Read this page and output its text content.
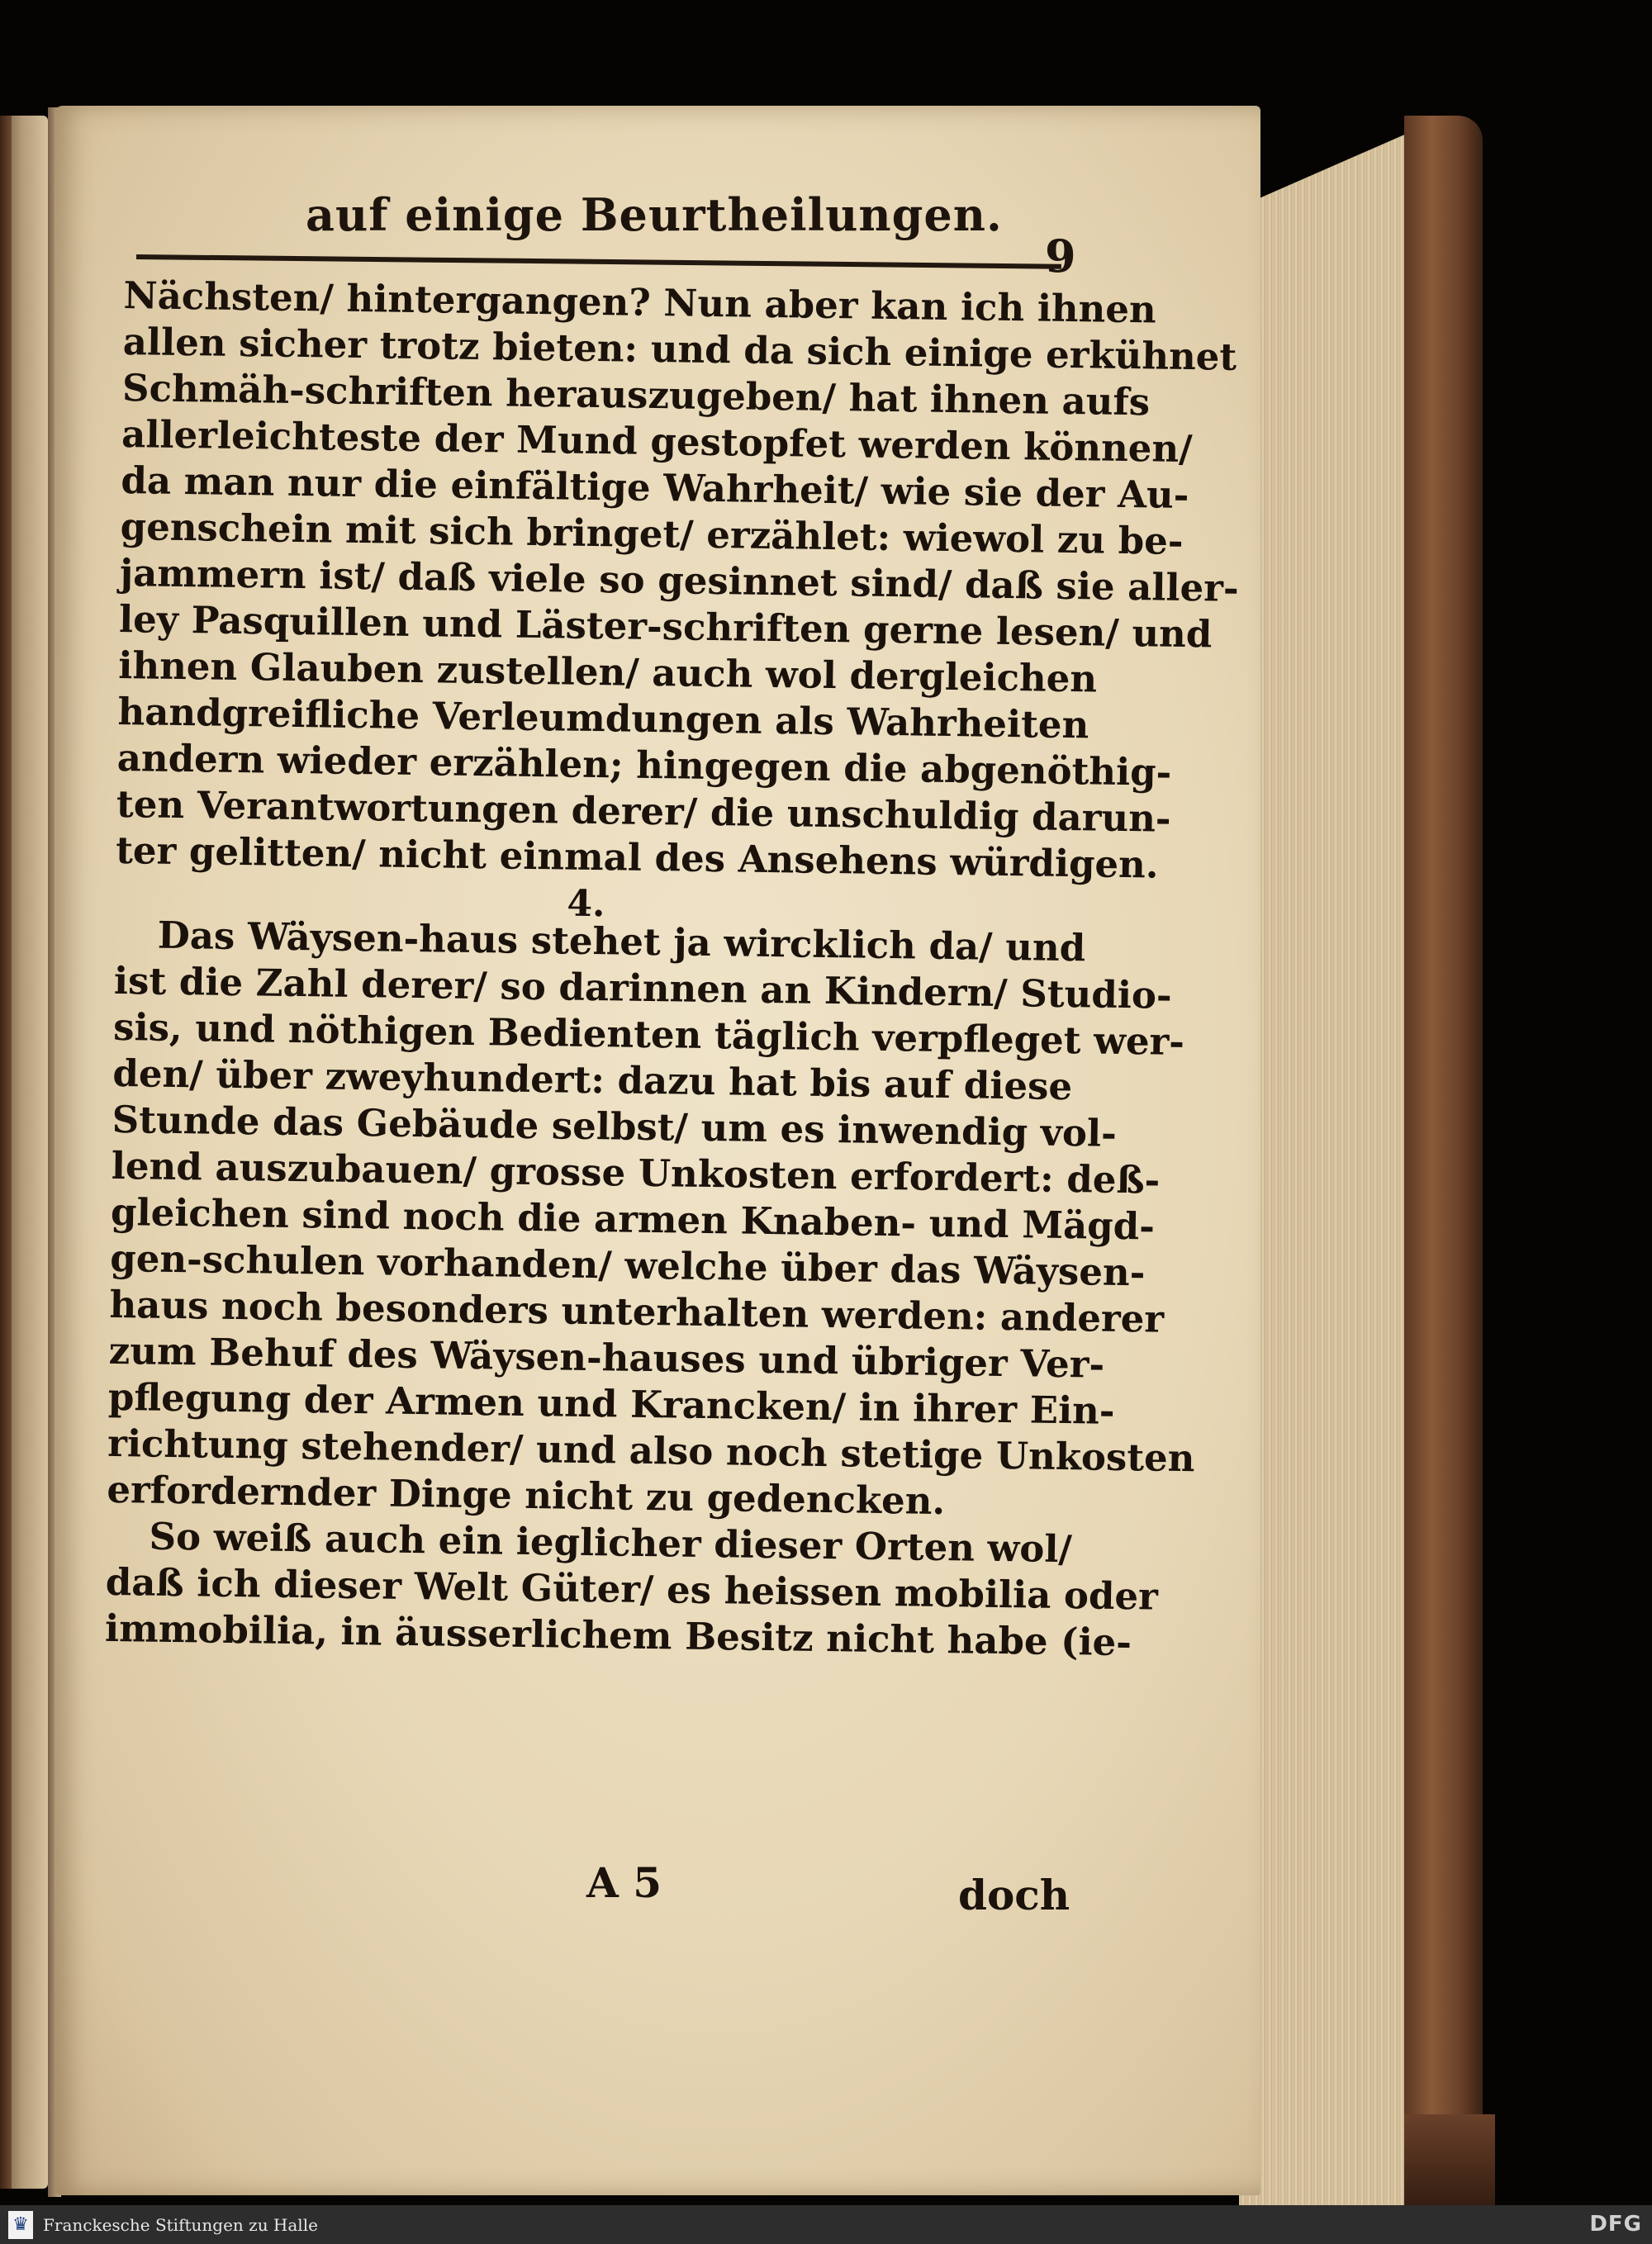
auf einige Beurtheilungen.
9
Nächsten/ hintergangen? Nun aber kan ich ihnen
allen sicher trotz bieten: und da sich einige erkühnet
Schmäh-schriften herauszugeben/ hat ihnen aufs
allerleichteste der Mund gestopfet werden können/
da man nur die einfältige Wahrheit/ wie sie der Au-
genschein mit sich bringet/ erzählet: wiewol zu be-
jammern ist/ daß viele so gesinnet sind/ daß sie aller-
ley Pasquillen und Läster-schriften gerne lesen/ und
ihnen Glauben zustellen/ auch wol dergleichen
handgreifliche Verleumdungen als Wahrheiten
andern wieder erzählen; hingegen die abgenöthig-
ten Verantwortungen derer/ die unschuldig darun-
ter gelitten/ nicht einmal des Ansehens würdigen.
4.
Das Wäysen-haus stehet ja wircklich da/ und
ist die Zahl derer/ so darinnen an Kindern/ Studio-
sis, und nöthigen Bedienten täglich verpfleget wer-
den/ über zweyhundert: dazu hat bis auf diese
Stunde das Gebäude selbst/ um es inwendig vol-
lend auszubauen/ grosse Unkosten erfordert: deß-
gleichen sind noch die armen Knaben- und Mägd-
gen-schulen vorhanden/ welche über das Wäysen-
haus noch besonders unterhalten werden: anderer
zum Behuf des Wäysen-hauses und übriger Ver-
pflegung der Armen und Krancken/ in ihrer Ein-
richtung stehender/ und also noch stetige Unkosten
erfordernder Dinge nicht zu gedencken.
So weiß auch ein ieglicher dieser Orten wol/
daß ich dieser Welt Güter/ es heissen mobilia oder
immobilia, in äusserlichem Besitz nicht habe (ie-
A 5	doch
♛ Franckesche Stiftungen zu Halle	DFG
